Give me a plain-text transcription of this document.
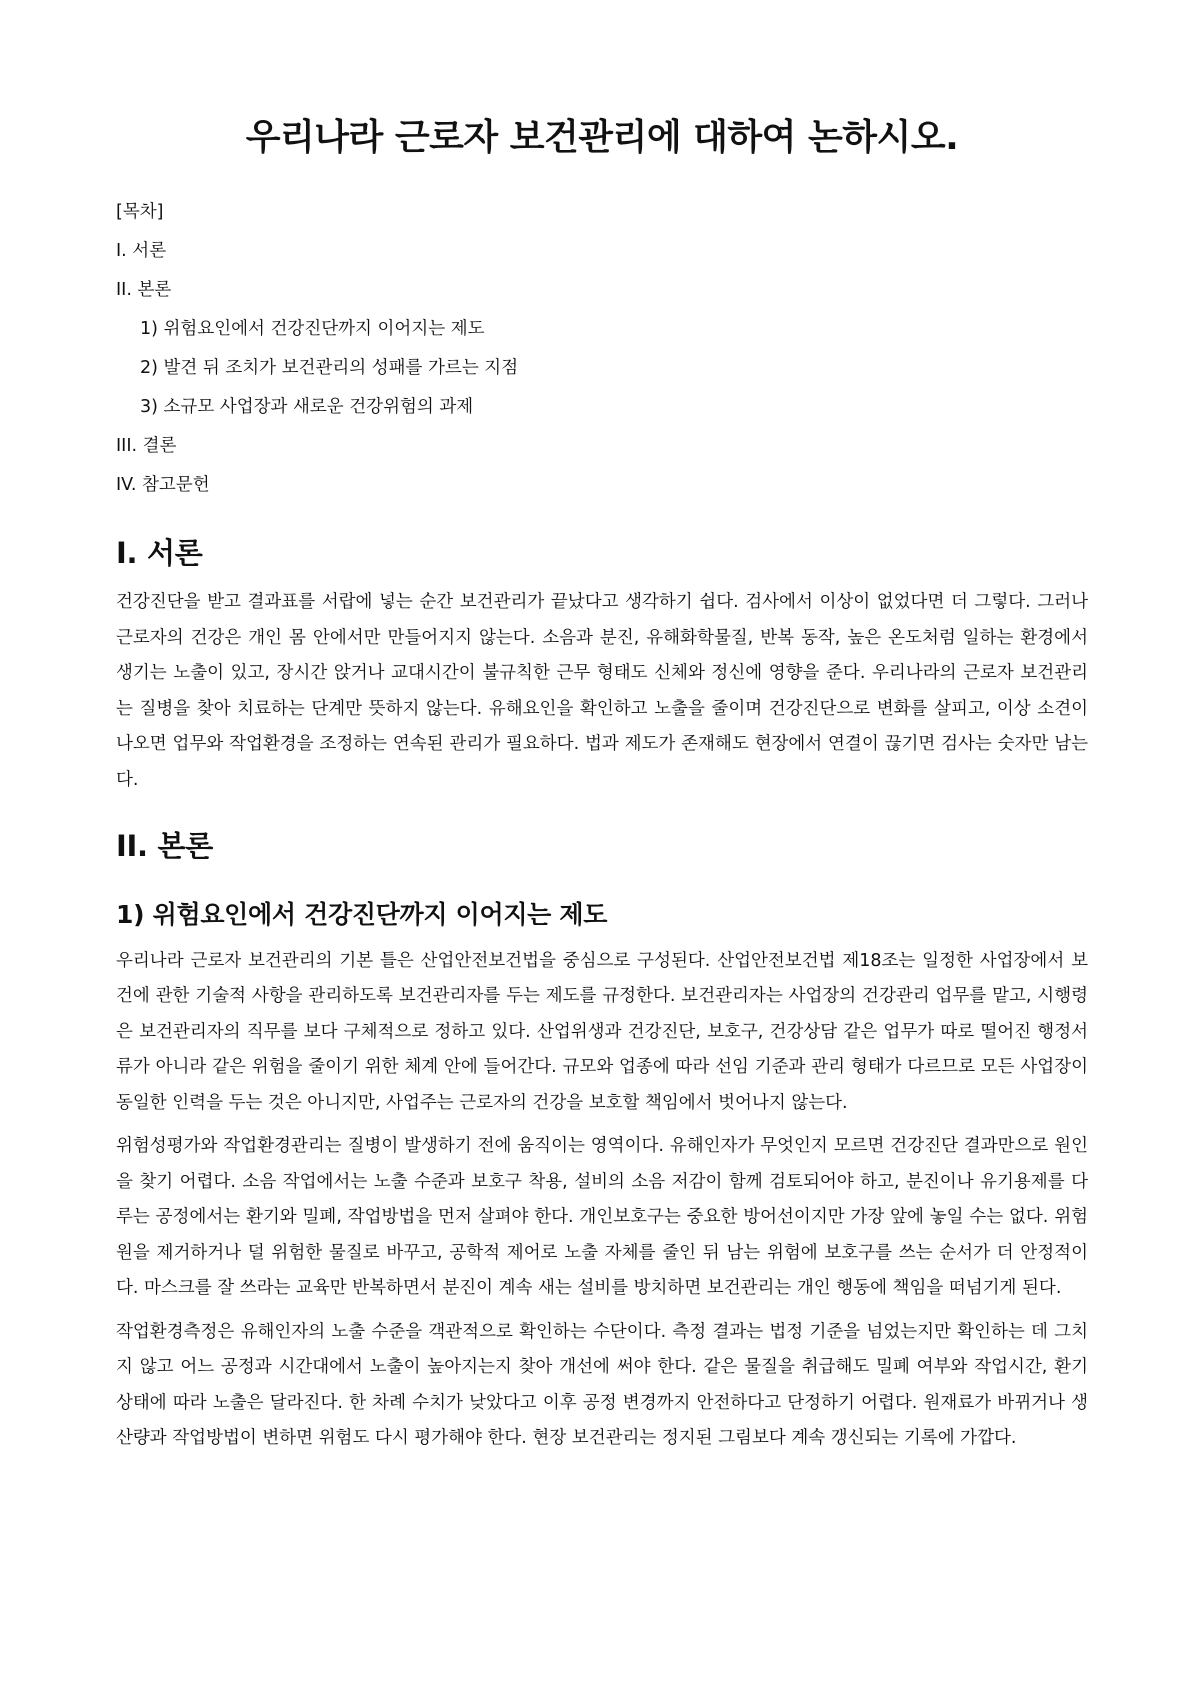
우리나라 근로자 보건관리에 대하여 논하시오.
[목차]
I. 서론
II. 본론
1) 위험요인에서 건강진단까지 이어지는 제도
2) 발견 뒤 조치가 보건관리의 성패를 가르는 지점
3) 소규모 사업장과 새로운 건강위험의 과제
III. 결론
IV. 참고문헌
I. 서론

건강진단을 받고 결과표를 서랍에 넣는 순간 보건관리가 끝났다고 생각하기 쉽다. 검사에서 이상이 없었다면 더 그렇다. 그러나 근로자의 건강은 개인 몸 안에서만 만들어지지 않는다. 소음과 분진, 유해화학물질, 반복 동작, 높은 온도처럼 일하는 환경에서 생기는 노출이 있고, 장시간 앉거나 교대시간이 불규칙한 근무 형태도 신체와 정신에 영향을 준다. 우리나라의 근로자 보건관리는 질병을 찾아 치료하는 단계만 뜻하지 않는다. 유해요인을 확인하고 노출을 줄이며 건강진단으로 변화를 살피고, 이상 소견이 나오면 업무와 작업환경을 조정하는 연속된 관리가 필요하다. 법과 제도가 존재해도 현장에서 연결이 끊기면 검사는 숫자만 남는다.

II. 본론
1) 위험요인에서 건강진단까지 이어지는 제도

우리나라 근로자 보건관리의 기본 틀은 산업안전보건법을 중심으로 구성된다. 산업안전보건법 제18조는 일정한 사업장에서 보건에 관한 기술적 사항을 관리하도록 보건관리자를 두는 제도를 규정한다. 보건관리자는 사업장의 건강관리 업무를 맡고, 시행령은 보건관리자의 직무를 보다 구체적으로 정하고 있다. 산업위생과 건강진단, 보호구, 건강상담 같은 업무가 따로 떨어진 행정서류가 아니라 같은 위험을 줄이기 위한 체계 안에 들어간다. 규모와 업종에 따라 선임 기준과 관리 형태가 다르므로 모든 사업장이 동일한 인력을 두는 것은 아니지만, 사업주는 근로자의 건강을 보호할 책임에서 벗어나지 않는다.

위험성평가와 작업환경관리는 질병이 발생하기 전에 움직이는 영역이다. 유해인자가 무엇인지 모르면 건강진단 결과만으로 원인을 찾기 어렵다. 소음 작업에서는 노출 수준과 보호구 착용, 설비의 소음 저감이 함께 검토되어야 하고, 분진이나 유기용제를 다루는 공정에서는 환기와 밀폐, 작업방법을 먼저 살펴야 한다. 개인보호구는 중요한 방어선이지만 가장 앞에 놓일 수는 없다. 위험원을 제거하거나 덜 위험한 물질로 바꾸고, 공학적 제어로 노출 자체를 줄인 뒤 남는 위험에 보호구를 쓰는 순서가 더 안정적이다. 마스크를 잘 쓰라는 교육만 반복하면서 분진이 계속 새는 설비를 방치하면 보건관리는 개인 행동에 책임을 떠넘기게 된다.

작업환경측정은 유해인자의 노출 수준을 객관적으로 확인하는 수단이다. 측정 결과는 법정 기준을 넘었는지만 확인하는 데 그치지 않고 어느 공정과 시간대에서 노출이 높아지는지 찾아 개선에 써야 한다. 같은 물질을 취급해도 밀폐 여부와 작업시간, 환기 상태에 따라 노출은 달라진다. 한 차례 수치가 낮았다고 이후 공정 변경까지 안전하다고 단정하기 어렵다. 원재료가 바뀌거나 생산량과 작업방법이 변하면 위험도 다시 평가해야 한다. 현장 보건관리는 정지된 그림보다 계속 갱신되는 기록에 가깝다.
